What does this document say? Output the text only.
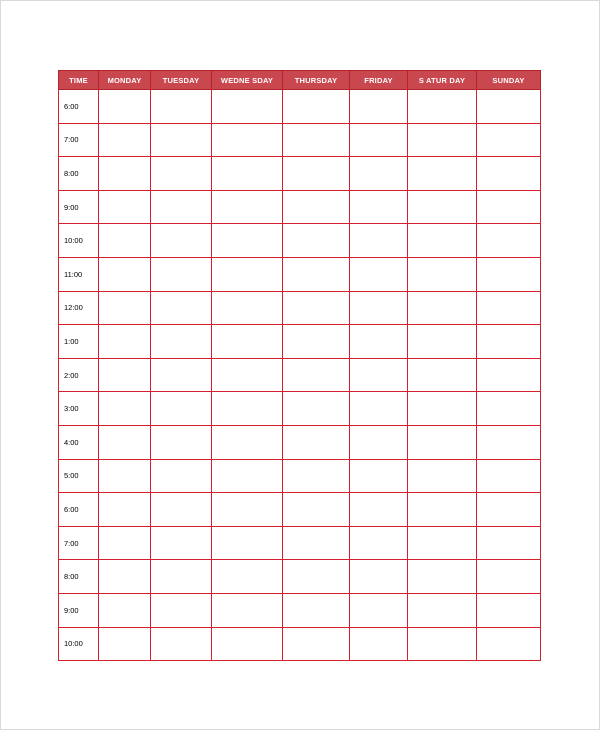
TIME	MONDAY	TUESDAY	WEDNE SDAY	THURSDAY	FRIDAY	S ATUR DAY	SUNDAY
6:00							
7:00							
8:00							
9:00							
10:00							
11:00							
12:00							
1:00							
2:00							
3:00							
4:00							
5:00							
6:00							
7:00							
8:00							
9:00							
10:00							
